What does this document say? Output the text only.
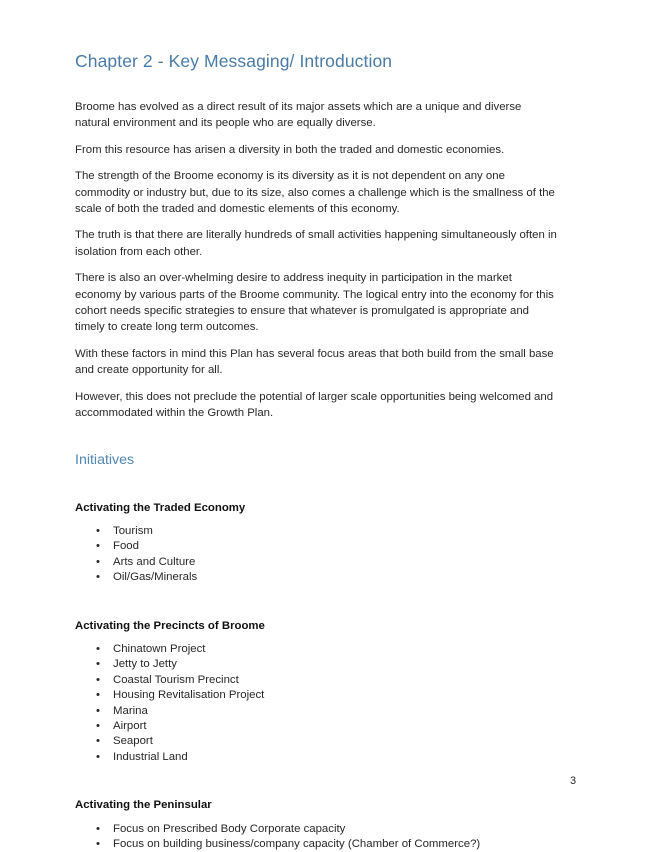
Chapter 2 - Key Messaging/ Introduction

Broome has evolved as a direct result of its major assets which are a unique and diverse natural environment and its people who are equally diverse.

From this resource has arisen a diversity in both the traded and domestic economies.

The strength of the Broome economy is its diversity as it is not dependent on any one commodity or industry but, due to its size, also comes a challenge which is the smallness of the scale of both the traded and domestic elements of this economy.

The truth is that there are literally hundreds of small activities happening simultaneously often in isolation from each other.

There is also an over-whelming desire to address inequity in participation in the market economy by various parts of the Broome community. The logical entry into the economy for this cohort needs specific strategies to ensure that whatever is promulgated is appropriate and timely to create long term outcomes.

With these factors in mind this Plan has several focus areas that both build from the small base and create opportunity for all.

However, this does not preclude the potential of larger scale opportunities being welcomed and accommodated within the Growth Plan.

Initiatives
Activating the Traded Economy
• Tourism
• Food
• Arts and Culture
• Oil/Gas/Minerals
Activating the Precincts of Broome
• Chinatown Project
• Jetty to Jetty
• Coastal Tourism Precinct
• Housing Revitalisation Project
• Marina
• Airport
• Seaport
• Industrial Land
Activating the Peninsular
• Focus on Prescribed Body Corporate capacity
• Focus on building business/company capacity (Chamber of Commerce?)
3
